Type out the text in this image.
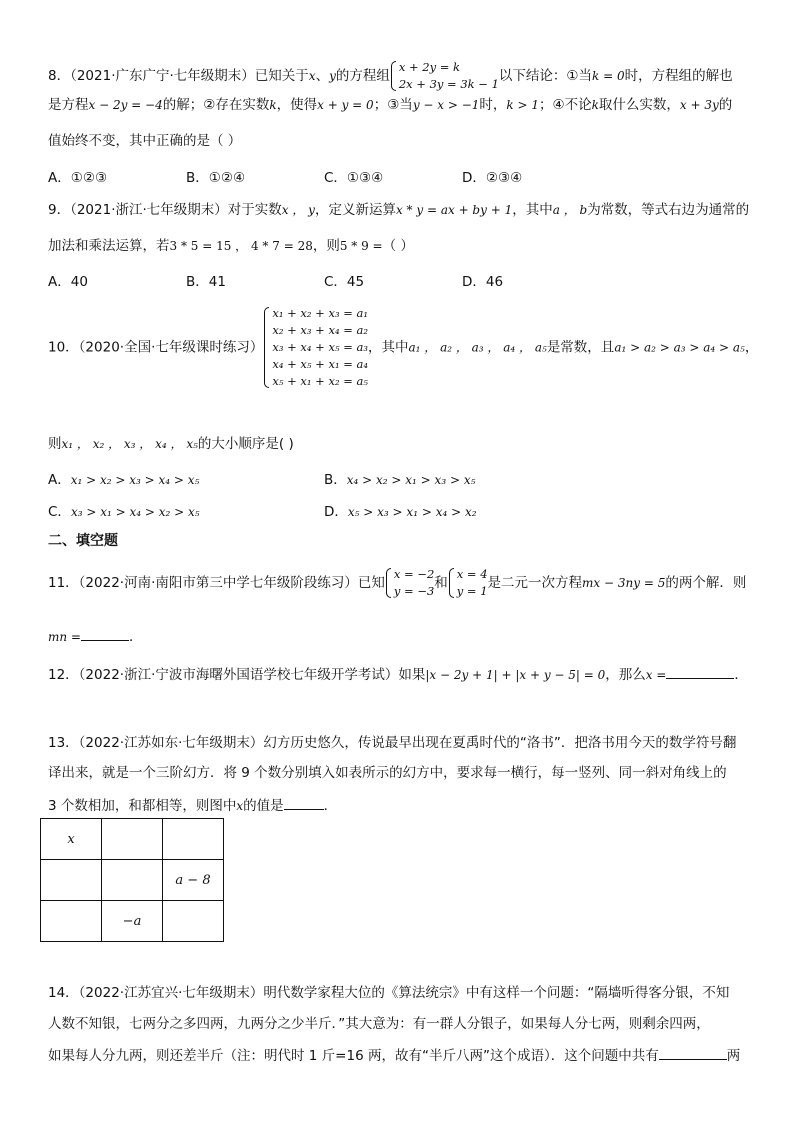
8．（2021·广东广宁·七年级期末）已知关于x、y的方程组
x + 2y = k
2x + 3y = 3k − 1 以下结论：①当k = 0时，方程组的解也
是方程x − 2y = −4的解；②存在实数k，使得x + y = 0；③当y − x > −1时，k > 1；④不论k取什么实数，x + 3y的
值始终不变，其中正确的是（ ）
A．①②③	B．①②④	C．①③④	D．②③④
9．（2021·浙江·七年级期末）对于实数x ， y，定义新运算x * y = ax + by + 1，其中a ， b为常数，等式右边为通常的
加法和乘法运算，若3 * 5 = 15 ， 4 * 7 = 28，则5 * 9 =（ ）
A．40	B．41	C．45	D．46
10．（2020·全国·七年级课时练习）
x₁ + x₂ + x₃ = a₁
x₂ + x₃ + x₄ = a₂
x₃ + x₄ + x₅ = a₃
x₄ + x₅ + x₁ = a₄
x₅ + x₁ + x₂ = a₅
，其中a₁ ， a₂ ， a₃ ， a₄ ， a₅是常数，且a₁ > a₂ > a₃ > a₄ > a₅，
则x₁ ， x₂ ， x₃ ， x₄ ， x₅的大小顺序是( )
A．x₁ > x₂ > x₃ > x₄ > x₅	B．x₄ > x₂ > x₁ > x₃ > x₅
C．x₃ > x₁ > x₄ > x₂ > x₅	D．x₅ > x₃ > x₁ > x₄ > x₂
二、填空题
11．（2022·河南·南阳市第三中学七年级阶段练习）已知
x = −2
y = −3 和
x = 4
y = 1 是二元一次方程mx − 3ny = 5的两个解．则
mn =	．
12．（2022·浙江·宁波市海曙外国语学校七年级开学考试）如果|x − 2y + 1| + |x + y − 5| = 0，那么x =	．
13．（2022·江苏如东·七年级期末）幻方历史悠久，传说最早出现在夏禹时代的“洛书”．把洛书用今天的数学符号翻
译出来，就是一个三阶幻方．将 9 个数分别填入如表所示的幻方中，要求每一横行，每一竖列、同一斜对角线上的
3 个数相加，和都相等，则图中x的值是	．
x		
		a − 8
	−a	
14．（2022·江苏宜兴·七年级期末）明代数学家程大位的《算法统宗》中有这样一个问题：“隔墙听得客分银，不知
人数不知银，七两分之多四两，九两分之少半斤．”其大意为：有一群人分银子，如果每人分七两，则剩余四两，
如果每人分九两，则还差半斤（注：明代时 1 斤=16 两，故有“半斤八两”这个成语）．这个问题中共有	两
